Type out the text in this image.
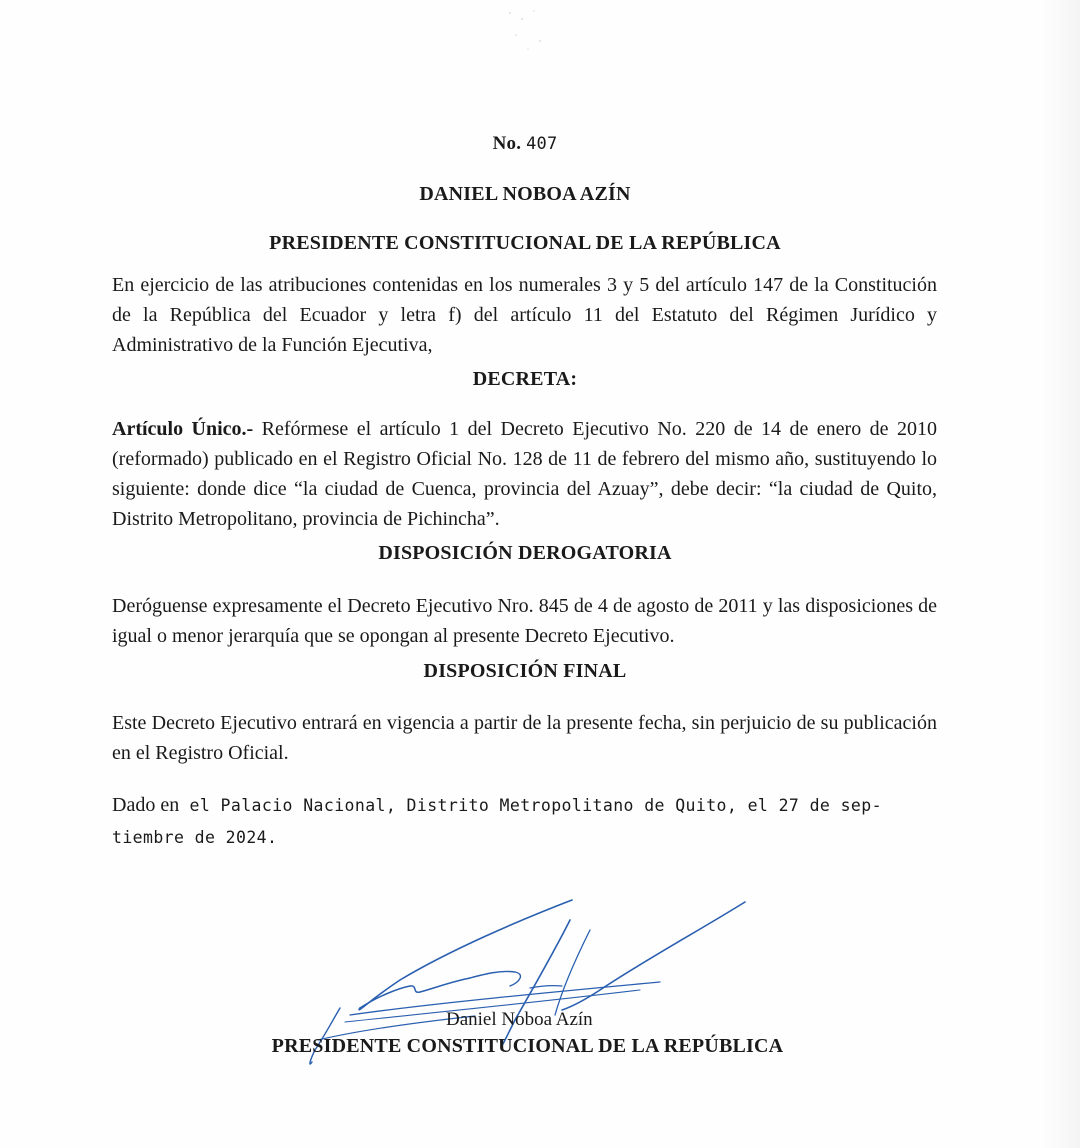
No. 407
DANIEL NOBOA AZÍN
PRESIDENTE CONSTITUCIONAL DE LA REPÚBLICA
En ejercicio de las atribuciones contenidas en los numerales 3 y 5 del artículo 147 de la Constitución de la República del Ecuador y letra f) del artículo 11 del Estatuto del Régimen Jurídico y Administrativo de la Función Ejecutiva,
DECRETA:
Artículo Único.- Refórmese el artículo 1 del Decreto Ejecutivo No. 220 de 14 de enero de 2010 (reformado) publicado en el Registro Oficial No. 128 de 11 de febrero del mismo año, sustituyendo lo siguiente: donde dice “la ciudad de Cuenca, provincia del Azuay”, debe decir: “la ciudad de Quito, Distrito Metropolitano, provincia de Pichincha”.
DISPOSICIÓN DEROGATORIA
Deróguense expresamente el Decreto Ejecutivo Nro. 845 de 4 de agosto de 2011 y las disposiciones de igual o menor jerarquía que se opongan al presente Decreto Ejecutivo.
DISPOSICIÓN FINAL
Este Decreto Ejecutivo entrará en vigencia a partir de la presente fecha, sin perjuicio de su publicación en el Registro Oficial.
Dado en el Palacio Nacional, Distrito Metropolitano de Quito, el 27 de sep-
tiembre de 2024.
Daniel Noboa Azín
PRESIDENTE CONSTITUCIONAL DE LA REPÚBLICA
